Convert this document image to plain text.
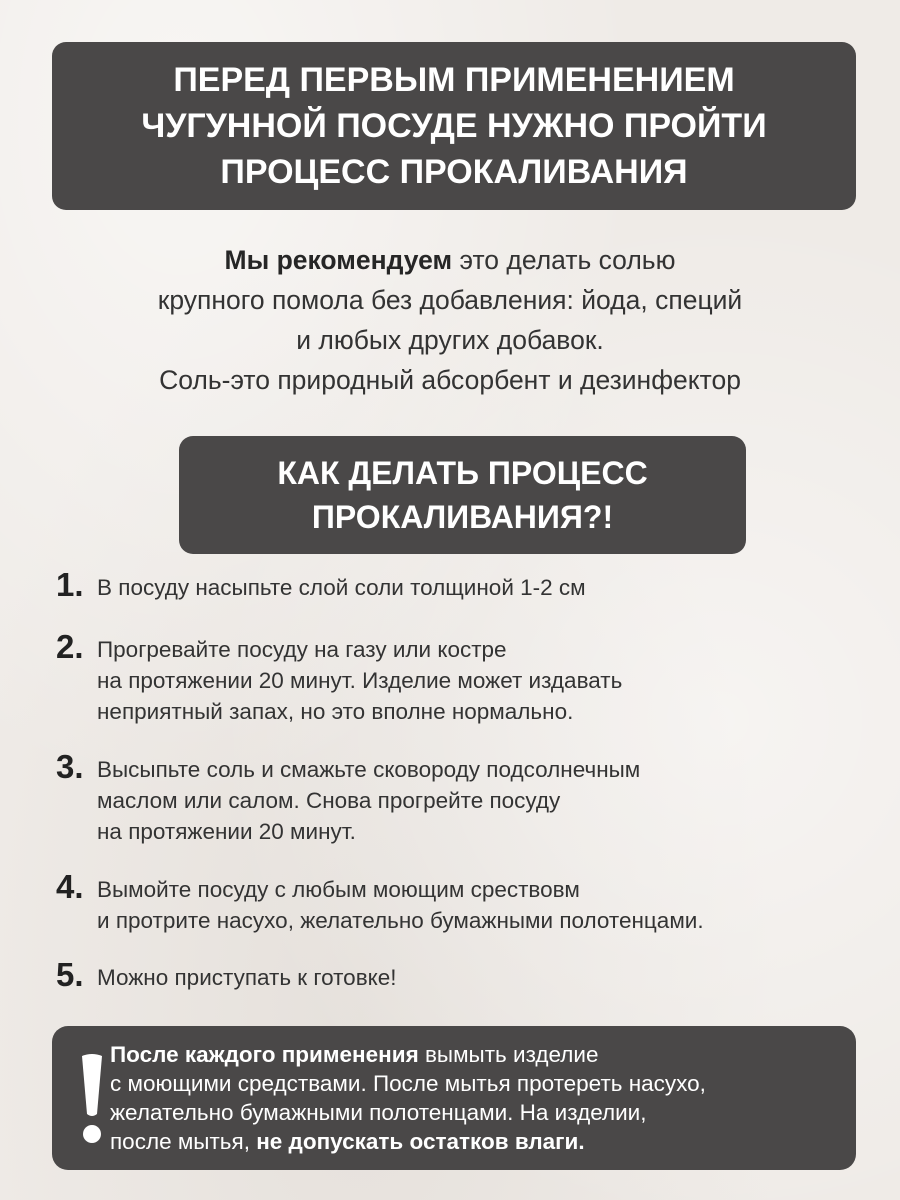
ПЕРЕД ПЕРВЫМ ПРИМЕНЕНИЕМ
ЧУГУННОЙ ПОСУДЕ НУЖНО ПРОЙТИ
ПРОЦЕСС ПРОКАЛИВАНИЯ
Мы рекомендуем это делать солью
крупного помола без добавления: йода, специй
и любых других добавок.
Соль-это природный абсорбент и дезинфектор
КАК ДЕЛАТЬ ПРОЦЕСС
ПРОКАЛИВАНИЯ?!
1. В посуду насыпьте слой соли толщиной 1-2 см
2. Прогревайте посуду на газу или костре
на протяжении 20 минут. Изделие может издавать
неприятный запах, но это вполне нормально.
3. Высыпьте соль и смажьте сковороду подсолнечным
маслом или салом. Снова прогрейте посуду
на протяжении 20 минут.
4. Вымойте посуду с любым моющим срествовм
и протрите насухо, желательно бумажными полотенцами.
5. Можно приступать к готовке!
После каждого применения вымыть изделие
с моющими средствами. После мытья протереть насухо,
желательно бумажными полотенцами. На изделии,
после мытья, не допускать остатков влаги.
